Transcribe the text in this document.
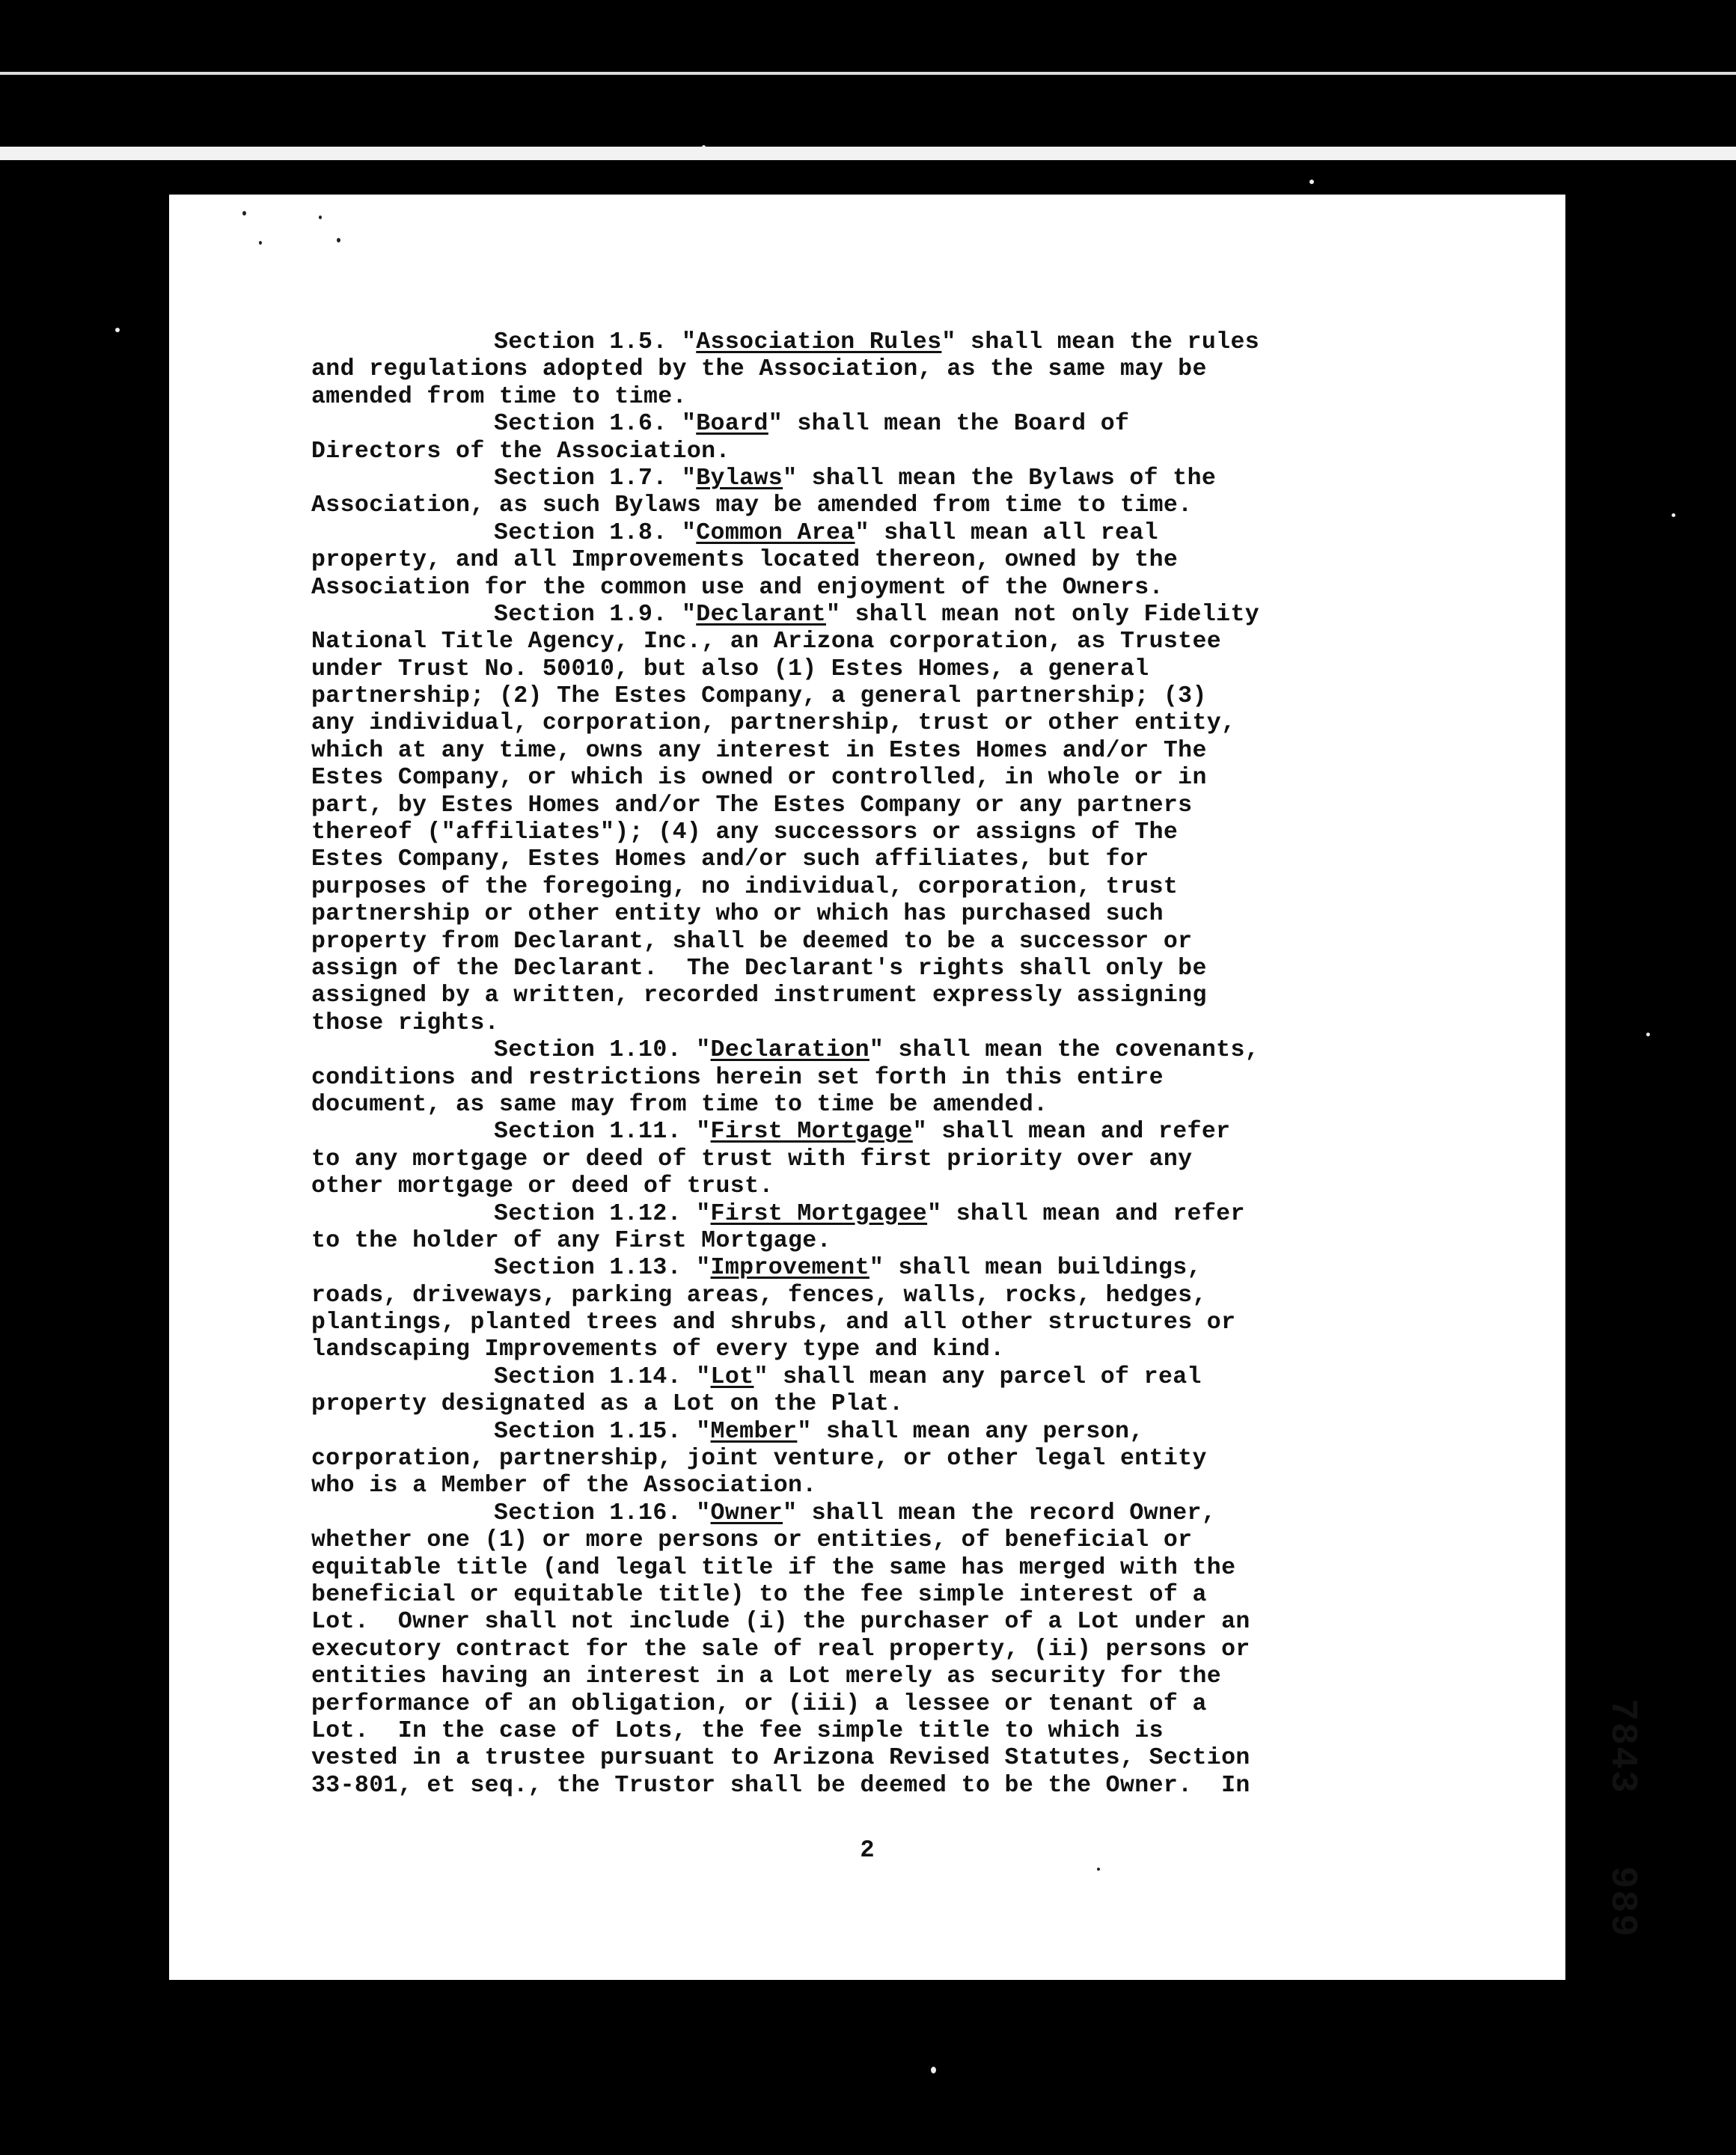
Section 1.5. "Association Rules" shall mean the rules
and regulations adopted by the Association, as the same may be
amended from time to time.
Section 1.6. "Board" shall mean the Board of
Directors of the Association.
Section 1.7. "Bylaws" shall mean the Bylaws of the
Association, as such Bylaws may be amended from time to time.
Section 1.8. "Common Area" shall mean all real
property, and all Improvements located thereon, owned by the
Association for the common use and enjoyment of the Owners.
Section 1.9. "Declarant" shall mean not only Fidelity
National Title Agency, Inc., an Arizona corporation, as Trustee
under Trust No. 50010, but also (1) Estes Homes, a general
partnership; (2) The Estes Company, a general partnership; (3)
any individual, corporation, partnership, trust or other entity,
which at any time, owns any interest in Estes Homes and/or The
Estes Company, or which is owned or controlled, in whole or in
part, by Estes Homes and/or The Estes Company or any partners
thereof ("affiliates"); (4) any successors or assigns of The
Estes Company, Estes Homes and/or such affiliates, but for
purposes of the foregoing, no individual, corporation, trust
partnership or other entity who or which has purchased such
property from Declarant, shall be deemed to be a successor or
assign of the Declarant.  The Declarant's rights shall only be
assigned by a written, recorded instrument expressly assigning
those rights.
Section 1.10. "Declaration" shall mean the covenants,
conditions and restrictions herein set forth in this entire
document, as same may from time to time be amended.
Section 1.11. "First Mortgage" shall mean and refer
to any mortgage or deed of trust with first priority over any
other mortgage or deed of trust.
Section 1.12. "First Mortgagee" shall mean and refer
to the holder of any First Mortgage.
Section 1.13. "Improvement" shall mean buildings,
roads, driveways, parking areas, fences, walls, rocks, hedges,
plantings, planted trees and shrubs, and all other structures or
landscaping Improvements of every type and kind.
Section 1.14. "Lot" shall mean any parcel of real
property designated as a Lot on the Plat.
Section 1.15. "Member" shall mean any person,
corporation, partnership, joint venture, or other legal entity
who is a Member of the Association.
Section 1.16. "Owner" shall mean the record Owner,
whether one (1) or more persons or entities, of beneficial or
equitable title (and legal title if the same has merged with the
beneficial or equitable title) to the fee simple interest of a
Lot.  Owner shall not include (i) the purchaser of a Lot under an
executory contract for the sale of real property, (ii) persons or
entities having an interest in a Lot merely as security for the
performance of an obligation, or (iii) a lessee or tenant of a
Lot.  In the case of Lots, the fee simple title to which is
vested in a trustee pursuant to Arizona Revised Statutes, Section
33-801, et seq., the Trustor shall be deemed to be the Owner.  In
2	7843   989
